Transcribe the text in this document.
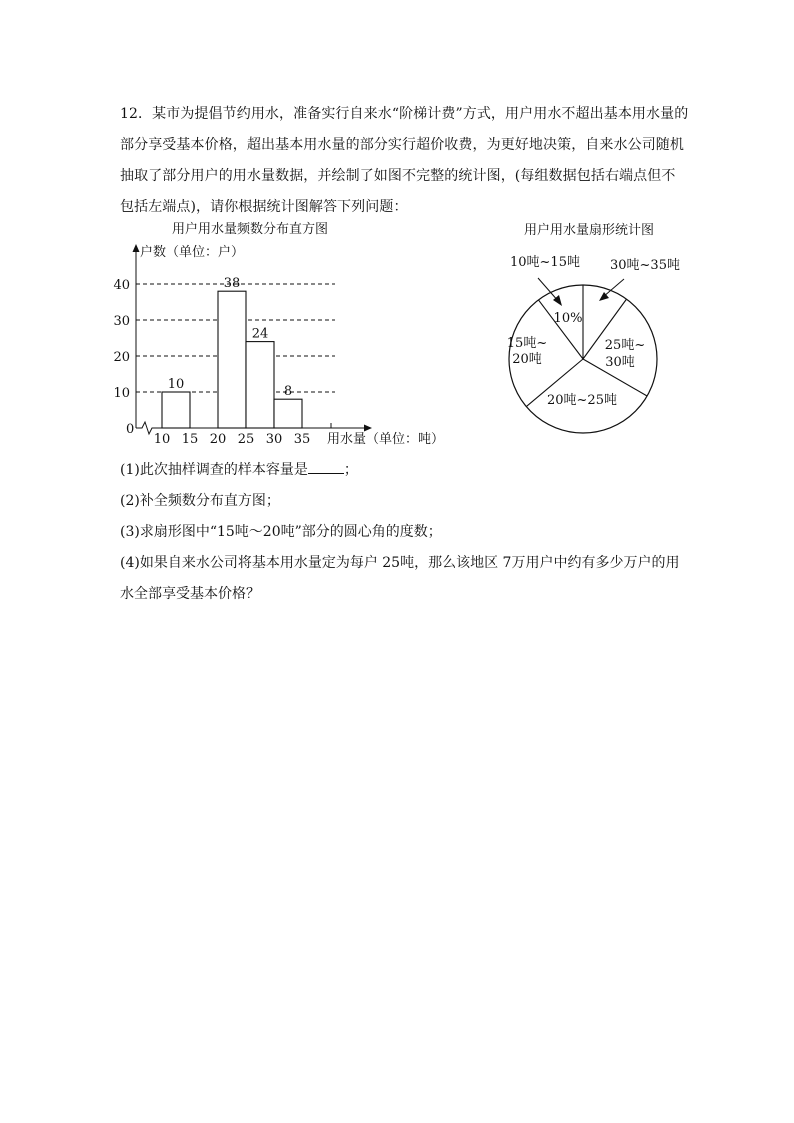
12．某市为提倡节约用水，准备实行自来水“阶梯计费”方式，用户用水不超出基本用水量的
部分享受基本价格，超出基本用水量的部分实行超价收费，为更好地决策，自来水公司随机
抽取了部分用户的用水量数据，并绘制了如图不完整的统计图，(每组数据包括右端点但不
包括左端点)，请你根据统计图解答下列问题：
用户用水量频数分布直方图
户数（单位：户）
用水量（单位：吨）
0
10
20
30
40
10 15 20 25 30 35
10
38
24
8
用户用水量扇形统计图
10吨~15吨 30吨~35吨
10%
15吨~
20吨
25吨~
30吨
20吨~25吨
(1)此次抽样调查的样本容量是	；
(2)补全频数分布直方图；
(3)求扇形图中“15吨～20吨”部分的圆心角的度数；
(4)如果自来水公司将基本用水量定为每户 25吨，那么该地区 7万用户中约有多少万户的用
水全部享受基本价格？
